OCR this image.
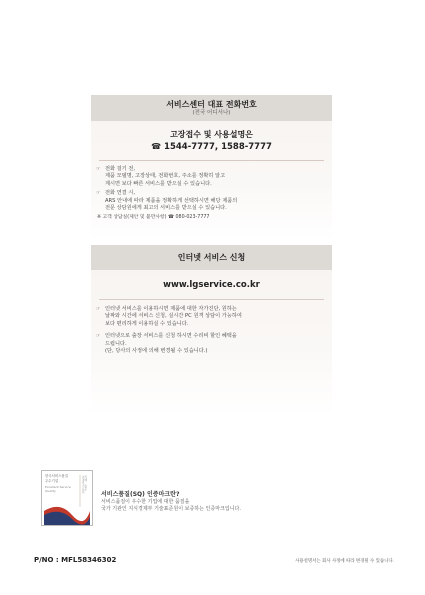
서비스센터 대표 전화번호
(전국 어디서나)
고장접수 및 사용설명은
☎ 1544-7777, 1588-7777
☞ 전화 걸기 전,
제품 모델명, 고장상태, 전화번호, 주소를 정확히 알고
계시면 보다 빠른 서비스를 받으실 수 있습니다.
☞ 전화 연결 시,
ARS 안내에 따라 제품을 정확하게 선택하시면 해당 제품의
전문 상담원에게 최고의 서비스를 받으실 수 있습니다.
※ 고객 상담실(제안 및 불만사항) ☎ 080-023-7777
인터넷 서비스 신청
www.lgservice.co.kr
☞ 인터넷 서비스를 이용하시면 제품에 대한 자가진단, 원하는
날짜와 시간에 서비스 신청, 실시간 PC 원격 상담이 가능하여
보다 편리하게 이용하실 수 있습니다.
☞ 인터넷으로 출장 서비스를 신청 하시면 수리비 할인 혜택을
드립니다.
(단, 당사의 사정에 의해 변경될 수 있습니다.)
한국서비스품질
우수기업
Excellent Service Quality
지식경제부 기술표준원	서비스품질(SQ) 인증마크란?
서비스품질이 우수한 기업에 대한 품질을
국가 기관인 지식경제부 기술표준원이 보증하는 인증마크입니다.
P/NO : MFL58346302	사용설명서는 회사 사정에 따라 변경될 수 있습니다.
